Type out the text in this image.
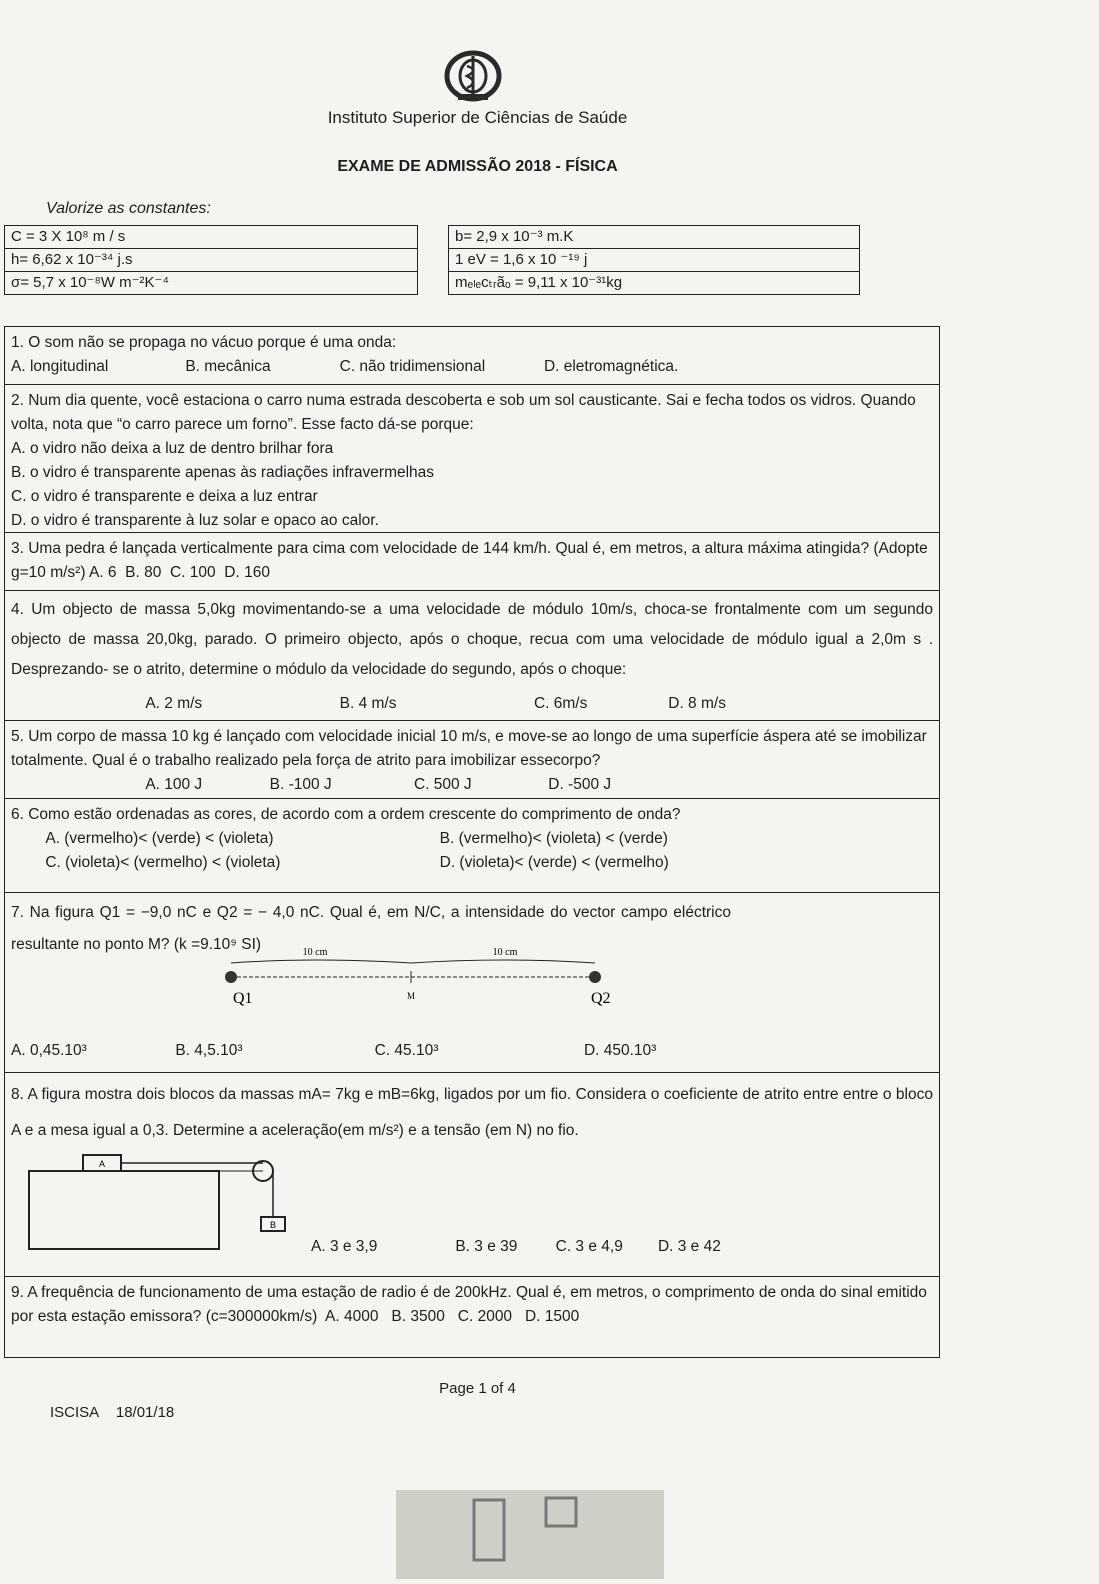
Instituto Superior de Ciências de Saúde
EXAME DE ADMISSÃO 2018 - FÍSICA
Valorize as constantes:
C = 3 X 10⁸ m / s		b= 2,9 x 10⁻³ m.K
h= 6,62 x 10⁻³⁴ j.s		1 eV = 1,6 x 10 ⁻¹⁹ j
σ= 5,7 x 10⁻⁸W m⁻²K⁻⁴		mₑₗₑcₜᵣãₒ = 9,11 x 10⁻³¹kg
1. O som não se propaga no vácuo porque é uma onda:
A. longitudinal	B. mecânica	C. não tridimensional	D. eletromagnética.
2. Num dia quente, você estaciona o carro numa estrada descoberta e sob um sol causticante. Sai e fecha todos os vidros. Quando volta, nota que “o carro parece um forno”. Esse facto dá-se porque:
A. o vidro não deixa a luz de dentro brilhar fora
B. o vidro é transparente apenas às radiações infravermelhas
C. o vidro é transparente e deixa a luz entrar
D. o vidro é transparente à luz solar e opaco ao calor.
3. Uma pedra é lançada verticalmente para cima com velocidade de 144 km/h. Qual é, em metros, a altura máxima atingida? (Adopte g=10 m/s²) A. 6 B. 80 C. 100 D. 160
4. Um objecto de massa 5,0kg movimentando-se a uma velocidade de módulo 10m/s, choca-se frontalmente com um segundo objecto de massa 20,0kg, parado. O primeiro objecto, após o choque, recua com uma velocidade de módulo igual a 2,0m s . Desprezando- se o atrito, determine o módulo da velocidade do segundo, após o choque:
A. 2 m/s	B. 4 m/s	C. 6m/s	D. 8 m/s
5. Um corpo de massa 10 kg é lançado com velocidade inicial 10 m/s, e move-se ao longo de uma superfície áspera até se imobilizar totalmente. Qual é o trabalho realizado pela força de atrito para imobilizar essecorpo?
A. 100 J	B. -100 J	C. 500 J	D. -500 J
6. Como estão ordenadas as cores, de acordo com a ordem crescente do comprimento de onda?
A. (vermelho)< (verde) < (violeta)	B. (vermelho)< (violeta) < (verde)
C. (violeta)< (vermelho) < (violeta)	D. (violeta)< (verde) < (vermelho)
7. Na figura Q1 = −9,0 nC e Q2 = − 4,0 nC. Qual é, em N/C, a intensidade do vector campo eléctrico resultante no ponto M? (k =9.10⁹ SI)	10 cm	10 cm
Q1	M	Q2
A. 0,45.10³	B. 4,5.10³	C. 45.10³	D. 450.10³
8. A figura mostra dois blocos da massas mA= 7kg e mB=6kg, ligados por um fio. Considera o coeficiente de atrito entre entre o bloco A e a mesa igual a 0,3. Determine a aceleração(em m/s²) e a tensão (em N) no fio.
A
B
A. 3 e 3,9	B. 3 e 39 C. 3 e 4,9 D. 3 e 42
9. A frequência de funcionamento de uma estação de radio é de 200kHz. Qual é, em metros, o comprimento de onda do sinal emitido por esta estação emissora? (c=300000km/s) A. 4000 B. 3500 C. 2000 D. 1500
Page 1 of 4
ISCISA 18/01/18
